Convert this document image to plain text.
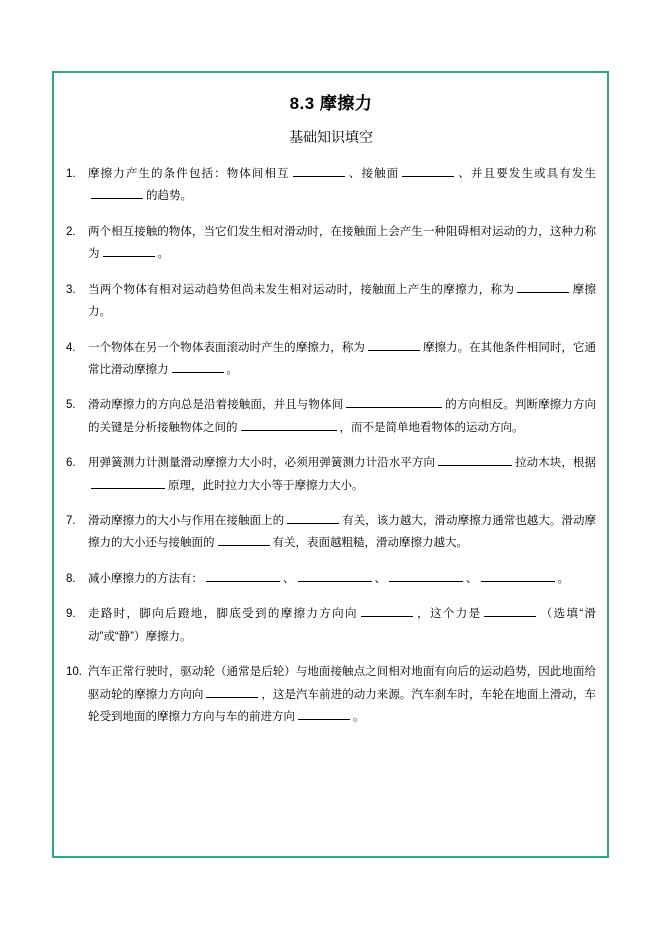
8.3 摩擦力
基础知识填空
1.	摩擦力产生的条件包括：物体间相互	、接触面	、并且要发生或具有发生的趋势。
2.	两个相互接触的物体，当它们发生相对滑动时，在接触面上会产生一种阻碍相对运动的力，这种力称为	。
3.	当两个物体有相对运动趋势但尚未发生相对运动时，接触面上产生的摩擦力，称为	摩擦力。
4.	一个物体在另一个物体表面滚动时产生的摩擦力，称为	摩擦力。在其他条件相同时，它通常比滑动摩擦力	。
5.	滑动摩擦力的方向总是沿着接触面，并且与物体间	的方向相反。判断摩擦力方向的关键是分析接触物体之间的	，而不是简单地看物体的运动方向。
6.	用弹簧测力计测量滑动摩擦力大小时，必须用弹簧测力计沿水平方向	拉动木块，根据原理，此时拉力大小等于摩擦力大小。
7.	滑动摩擦力的大小与作用在接触面上的	有关，该力越大，滑动摩擦力通常也越大。滑动摩擦力的大小还与接触面的	有关，表面越粗糙，滑动摩擦力越大。
8.	减小摩擦力的方法有：	、	、	、	。
9.	走路时，脚向后蹬地，脚底受到的摩擦力方向向	，这个力是	（选填“滑动”或“静”）摩擦力。
10. 汽车正常行驶时，驱动轮（通常是后轮）与地面接触点之间相对地面有向后的运动趋势，因此地面给驱动轮的摩擦力方向向	，这是汽车前进的动力来源。汽车刹车时，车轮在地面上滑动，车轮受到地面的摩擦力方向与车的前进方向	。
